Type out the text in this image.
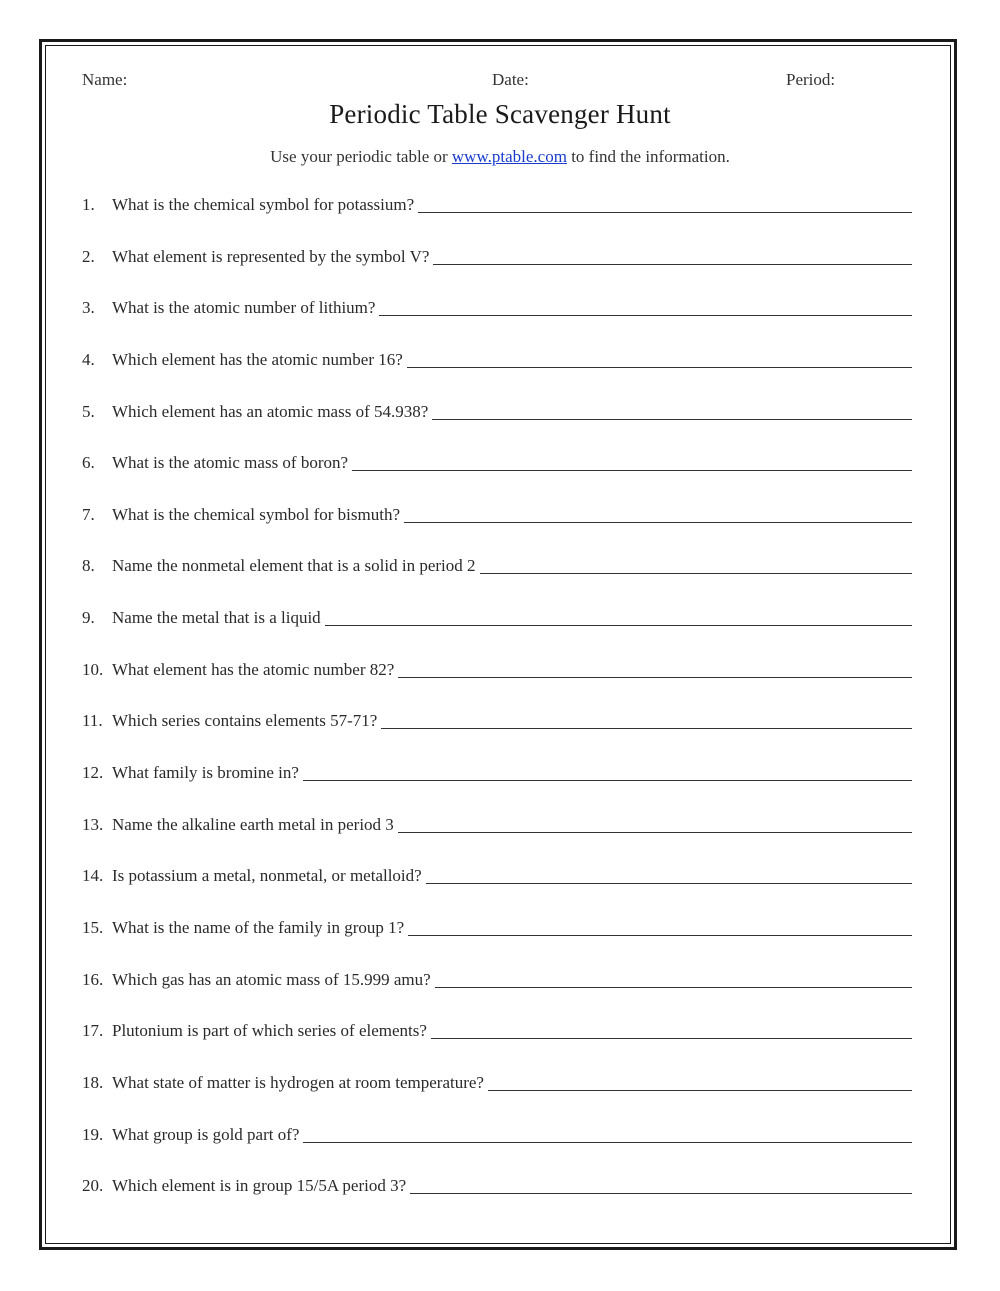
Name:	Date:	Period:
Periodic Table Scavenger Hunt
Use your periodic table or www.ptable.com to find the information.
1.	What is the chemical symbol for potassium?
2.	What element is represented by the symbol V?
3.	What is the atomic number of lithium?
4.	Which element has the atomic number 16?
5.	Which element has an atomic mass of 54.938?
6.	What is the atomic mass of boron?
7.	What is the chemical symbol for bismuth?
8.	Name the nonmetal element that is a solid in period 2
9.	Name the metal that is a liquid
10. What element has the atomic number 82?
11. Which series contains elements 57-71?
12. What family is bromine in?
13. Name the alkaline earth metal in period 3
14. Is potassium a metal, nonmetal, or metalloid?
15. What is the name of the family in group 1?
16. Which gas has an atomic mass of 15.999 amu?
17. Plutonium is part of which series of elements?
18. What state of matter is hydrogen at room temperature?
19. What group is gold part of?
20. Which element is in group 15/5A period 3?
